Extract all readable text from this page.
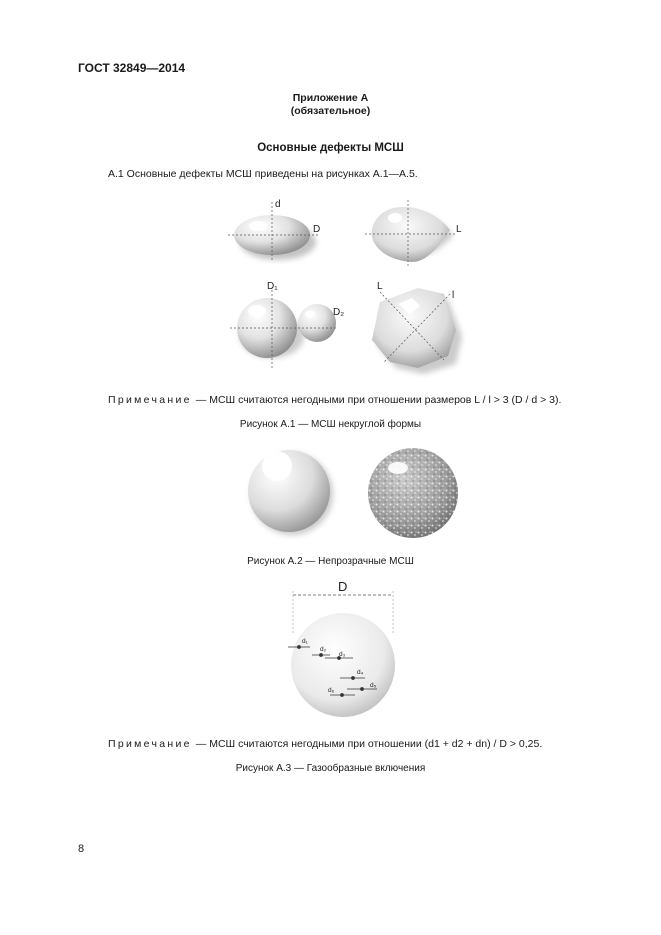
ГОСТ 32849—2014
Приложение А
(обязательное)
Основные дефекты МСШ
А.1 Основные дефекты МСШ приведены на рисунках А.1—А.5.
d
D	L
D₁
D₂
L
l
Примечание — МСШ считаются негодными при отношении размеров L / l > 3 (D / d > 3).
Рисунок А.1 — МСШ некруглой формы
Рисунок А.2 — Непрозрачные МСШ
D
d₁
d₂
d₃
d₄
d₅
d₆
Примечание — МСШ считаются негодными при отношении (d1 + d2 + dn) / D > 0,25.
Рисунок А.3 — Газообразные включения
8
